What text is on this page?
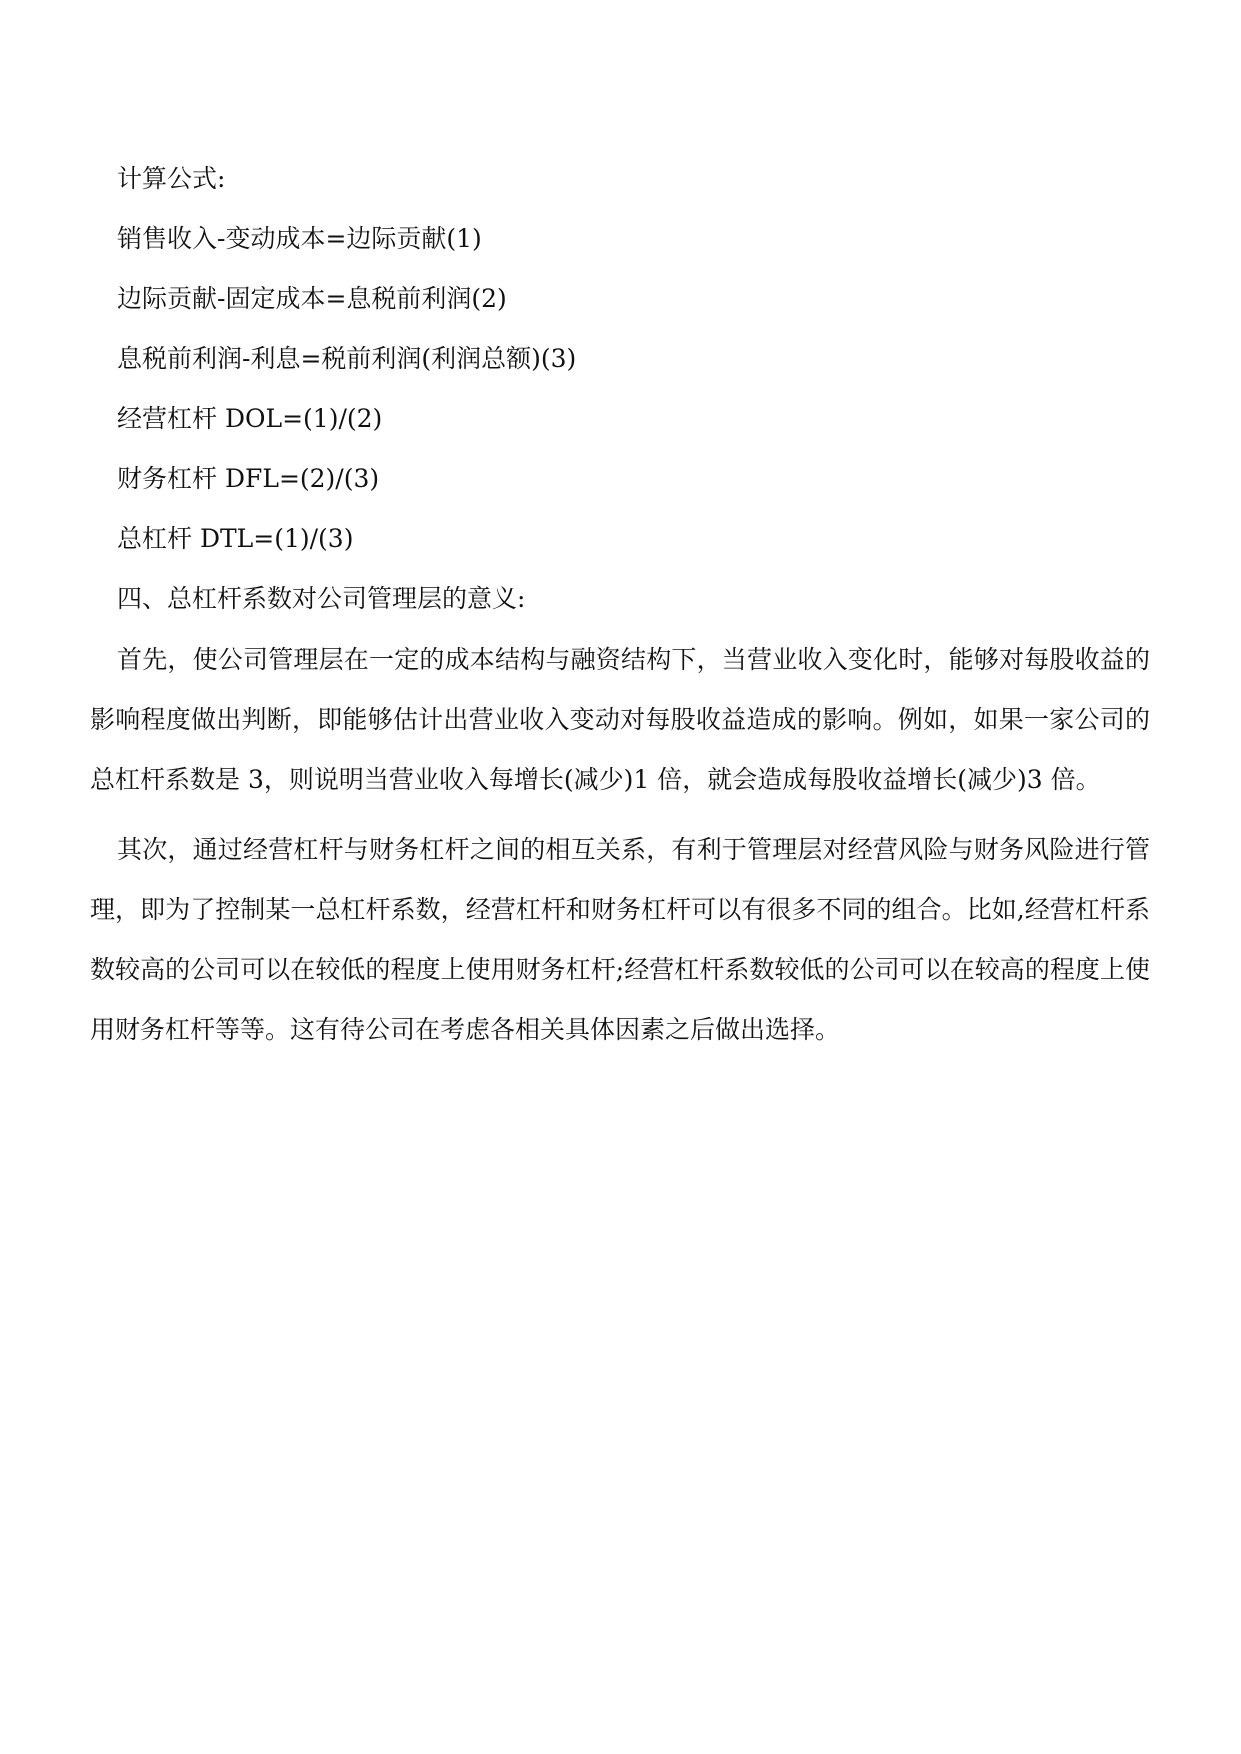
计算公式:

销售收入-变动成本=边际贡献(1)

边际贡献-固定成本=息税前利润(2)

息税前利润-利息=税前利润(利润总额)(3)

经营杠杆 DOL=(1)/(2)

财务杠杆 DFL=(2)/(3)

总杠杆 DTL=(1)/(3)

四、总杠杆系数对公司管理层的意义:

首先，使公司管理层在一定的成本结构与融资结构下，当营业收入变化时，能够对每股收益的影响程度做出判断，即能够估计出营业收入变动对每股收益造成的影响。例如，如果一家公司的总杠杆系数是 3，则说明当营业收入每增长(减少)1 倍，就会造成每股收益增长(减少)3 倍。

其次，通过经营杠杆与财务杠杆之间的相互关系，有利于管理层对经营风险与财务风险进行管理，即为了控制某一总杠杆系数，经营杠杆和财务杠杆可以有很多不同的组合。比如,经营杠杆系数较高的公司可以在较低的程度上使用财务杠杆;经营杠杆系数较低的公司可以在较高的程度上使用财务杠杆等等。这有待公司在考虑各相关具体因素之后做出选择。
